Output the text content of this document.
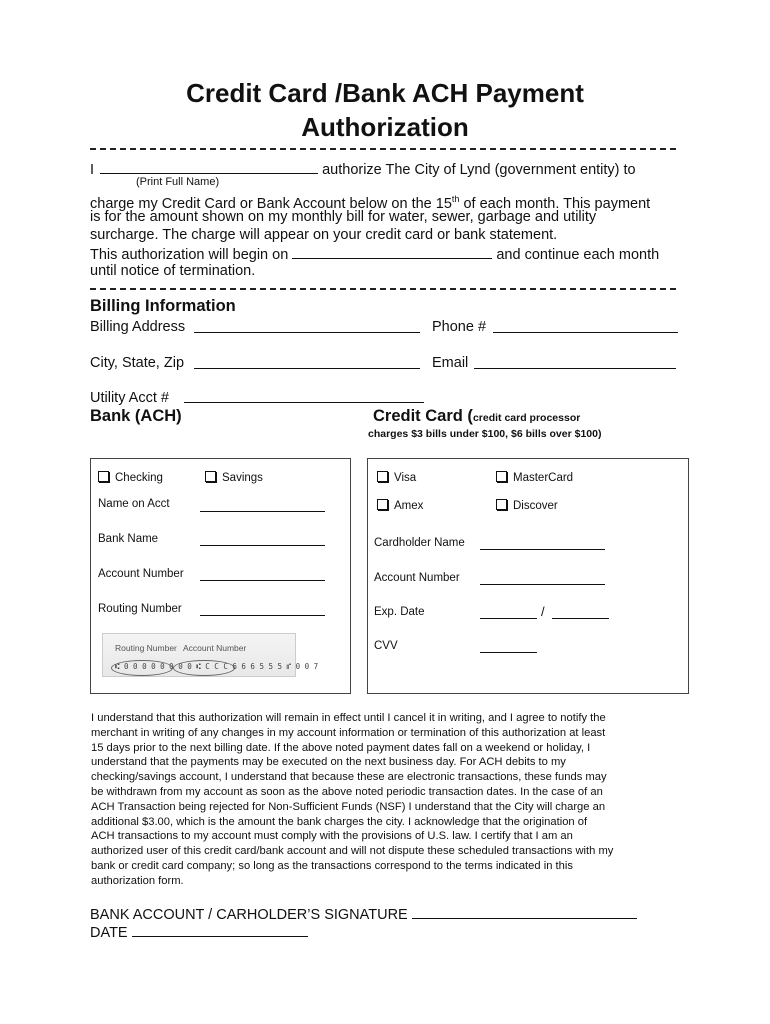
Credit Card /Bank ACH Payment
Authorization
I	authorize The City of Lynd (government entity) to
(Print Full Name)
charge my Credit Card or Bank Account below on the 15th of each month. This payment
is for the amount shown on my monthly bill for water, sewer, garbage and utility
surcharge. The charge will appear on your credit card or bank statement.
This authorization will begin on	and continue each month
until notice of termination.
Billing Information
Billing Address	Phone #
City, State, Zip	Email
Utility Acct #
Bank (ACH)	Credit Card (credit card processor
charges $3 bills under $100, $6 bills over $100)
Checking	Savings
Name on Acct
Bank Name
Account Number
Routing Number
Routing Number Account Number
⑆ 0 0 0 0 0 0 0 0 ⑆ C C C 6 6 6 5 5 5 ⑈ 0 0 7
Visa	MasterCard
Amex	Discover
Cardholder Name
Account Number
Exp. Date	/
CVV
I understand that this authorization will remain in effect until I cancel it in writing, and I agree to notify the
merchant in writing of any changes in my account information or termination of this authorization at least
15 days prior to the next billing date. If the above noted payment dates fall on a weekend or holiday, I
understand that the payments may be executed on the next business day. For ACH debits to my
checking/savings account, I understand that because these are electronic transactions, these funds may
be withdrawn from my account as soon as the above noted periodic transaction dates. In the case of an
ACH Transaction being rejected for Non-Sufficient Funds (NSF) I understand that the City will charge an
additional $3.00, which is the amount the bank charges the city. I acknowledge that the origination of
ACH transactions to my account must comply with the provisions of U.S. law. I certify that I am an
authorized user of this credit card/bank account and will not dispute these scheduled transactions with my
bank or credit card company; so long as the transactions correspond to the terms indicated in this
authorization form.
BANK ACCOUNT / CARHOLDER’S SIGNATURE
DATE
